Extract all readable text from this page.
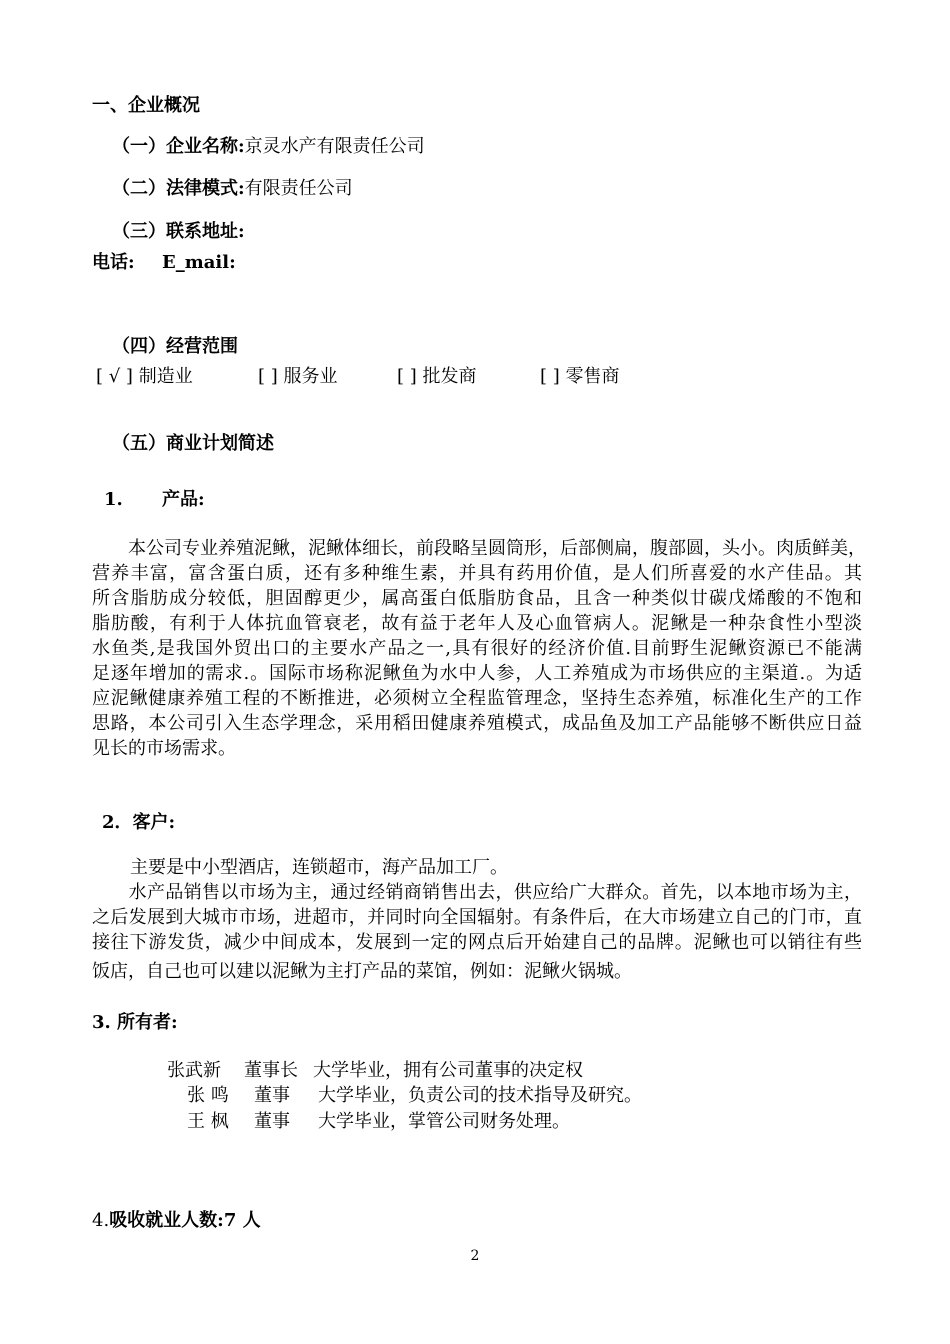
一、企业概况
（一）企业名称:京灵水产有限责任公司
（二）法律模式:有限责任公司
（三）联系地址:
电话: E_mail:
（四）经营范围
[ √ ] 制造业	[ ] 服务业	[ ] 批发商	[ ] 零售商
（五）商业计划简述
1. 产品:
　　本公司专业养殖泥鳅，泥鳅体细长，前段略呈圆筒形，后部侧扁，腹部圆，头小。肉质鲜美，
营养丰富，富含蛋白质，还有多种维生素，并具有药用价值，是人们所喜爱的水产佳品。其
所含脂肪成分较低，胆固醇更少，属高蛋白低脂肪食品，且含一种类似廿碳戊烯酸的不饱和
脂肪酸，有利于人体抗血管衰老，故有益于老年人及心血管病人。泥鳅是一种杂食性小型淡
水鱼类,是我国外贸出口的主要水产品之一,具有很好的经济价值.目前野生泥鳅资源已不能满
足逐年增加的需求.。国际市场称泥鳅鱼为水中人参，人工养殖成为市场供应的主渠道.。为适
应泥鳅健康养殖工程的不断推进，必须树立全程监管理念，坚持生态养殖，标准化生产的工作
思路，本公司引入生态学理念，采用稻田健康养殖模式，成品鱼及加工产品能够不断供应日益
见长的市场需求。
2．客户:
主要是中小型酒店，连锁超市，海产品加工厂。
　　水产品销售以市场为主，通过经销商销售出去，供应给广大群众。首先，以本地市场为主，
之后发展到大城市市场，进超市，并同时向全国辐射。有条件后，在大市场建立自己的门市，直
接往下游发货，减少中间成本，发展到一定的网点后开始建自己的品牌。泥鳅也可以销往有些
饭店，自己也可以建以泥鳅为主打产品的菜馆，例如：泥鳅火锅城。
3. 所有者:
张武新 董事长 大学毕业，拥有公司董事的决定权
张 鸣 董事 大学毕业，负责公司的技术指导及研究。
王 枫 董事 大学毕业，掌管公司财务处理。
4.吸收就业人数:7 人
2
